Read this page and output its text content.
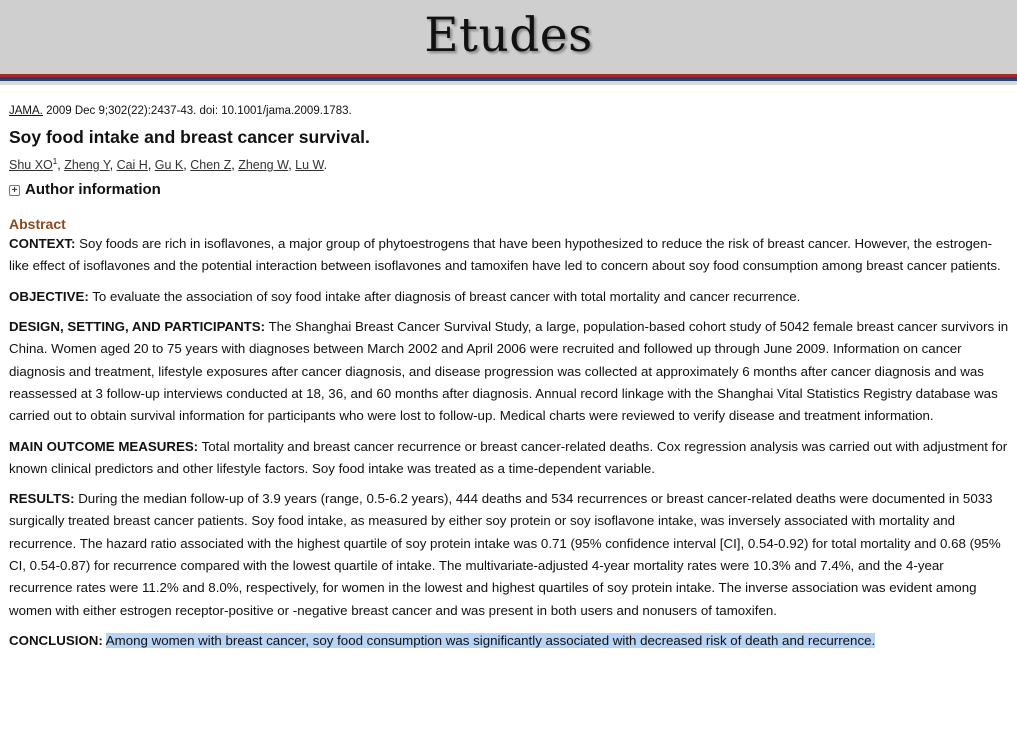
Etudes
JAMA. 2009 Dec 9;302(22):2437-43. doi: 10.1001/jama.2009.1783.
Soy food intake and breast cancer survival.
Shu $XO^1$, Zheng Y, Cai H, Gu K, Chen Z, Zheng W, Lu W.
+ Author information
Abstract

CONTEXT: Soy foods are rich in isoflavones, a major group of phytoestrogens that have been hypothesized to reduce the risk of breast cancer. However, the estrogen-like effect of isoflavones and the potential interaction between isoflavones and tamoxifen have led to concern about soy food consumption among breast cancer patients.

OBJECTIVE: To evaluate the association of soy food intake after diagnosis of breast cancer with total mortality and cancer recurrence.

DESIGN, SETTING, AND PARTICIPANTS: The Shanghai Breast Cancer Survival Study, a large, population-based cohort study of 5042 female breast cancer survivors in China. Women aged 20 to 75 years with diagnoses between March 2002 and April 2006 were recruited and followed up through June 2009. Information on cancer diagnosis and treatment, lifestyle exposures after cancer diagnosis, and disease progression was collected at approximately 6 months after cancer diagnosis and was reassessed at 3 follow-up interviews conducted at 18, 36, and 60 months after diagnosis. Annual record linkage with the Shanghai Vital Statistics Registry database was carried out to obtain survival information for participants who were lost to follow-up. Medical charts were reviewed to verify disease and treatment information.

MAIN OUTCOME MEASURES: Total mortality and breast cancer recurrence or breast cancer-related deaths. Cox regression analysis was carried out with adjustment for known clinical predictors and other lifestyle factors. Soy food intake was treated as a time-dependent variable.

RESULTS: During the median follow-up of 3.9 years (range, 0.5-6.2 years), 444 deaths and 534 recurrences or breast cancer-related deaths were documented in 5033 surgically treated breast cancer patients. Soy food intake, as measured by either soy protein or soy isoflavone intake, was inversely associated with mortality and recurrence. The hazard ratio associated with the highest quartile of soy protein intake was 0.71 (95% confidence interval [CI], 0.54-0.92) for total mortality and 0.68 (95% CI, 0.54-0.87) for recurrence compared with the lowest quartile of intake. The multivariate-adjusted 4-year mortality rates were 10.3% and 7.4%, and the 4-year recurrence rates were 11.2% and 8.0%, respectively, for women in the lowest and highest quartiles of soy protein intake. The inverse association was evident among women with either estrogen receptor-positive or -negative breast cancer and was present in both users and nonusers of tamoxifen.

CONCLUSION: Among women with breast cancer, soy food consumption was significantly associated with decreased risk of death and recurrence.
